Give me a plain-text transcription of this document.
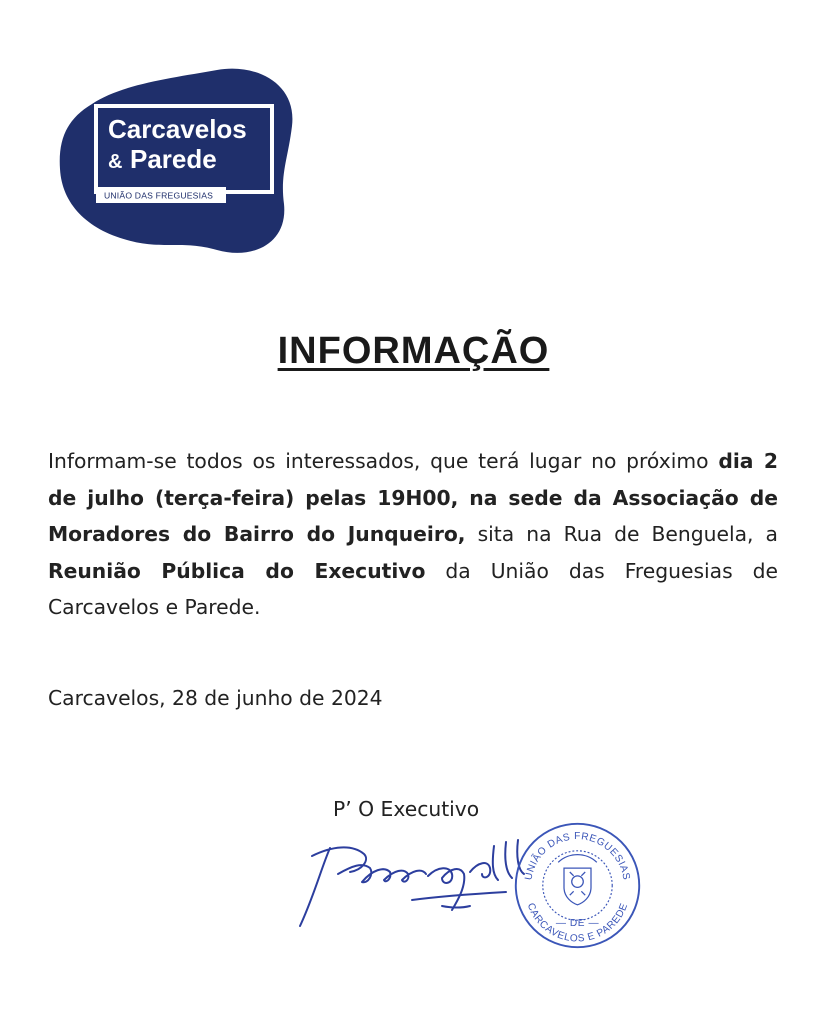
Carcavelos
& Parede
UNIÃO DAS FREGUESIAS
INFORMAÇÃO
Informam-se todos os interessados, que terá lugar no próximo dia 2 de julho (terça-feira) pelas 19H00, na sede da Associação de Moradores do Bairro do Junqueiro, sita na Rua de Benguela, a Reunião Pública do Executivo da União das Freguesias de Carcavelos e Parede.
Carcavelos, 28 de junho de 2024
P’ O Executivo
UNIÃO DAS FREGUESIAS
CARCAVELOS E PAREDE
— DE —
